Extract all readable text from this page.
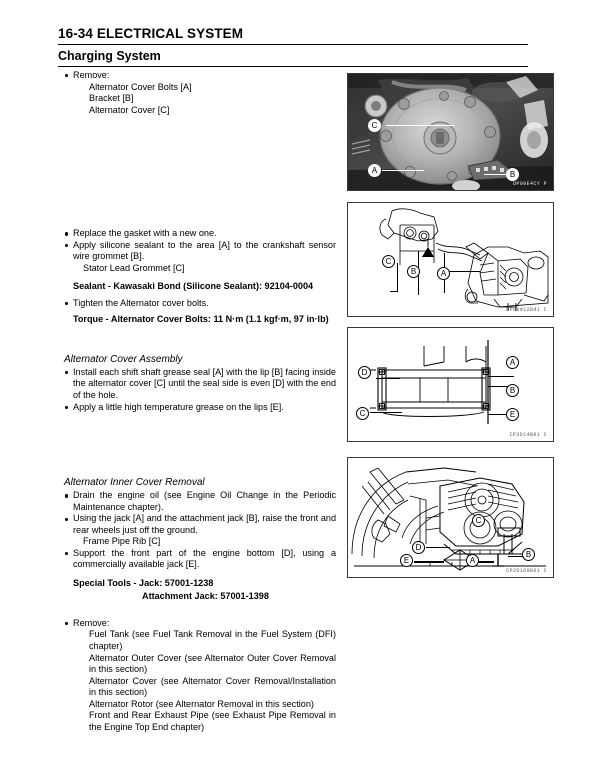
16-34 ELECTRICAL SYSTEM
Charging System
Remove:
Alternator Cover Bolts [A]
Bracket [B]
Alternator Cover [C]
Replace the gasket with a new one.
Apply silicone sealant to the area [A] to the crankshaft sensor wire grommet [B].
Stator Lead Grommet [C]
Sealant - Kawasaki Bond (Silicone Sealant): 92104-0004
Tighten the Alternator cover bolts.
Torque - Alternator Cover Bolts: 11 N·m (1.1 kgf·m, 97 in·lb)
Alternator Cover Assembly
Install each shift shaft grease seal [A] with the lip [B] facing inside the alternator cover [C] until the seal side is even [D] with the end of the hole.
Apply a little high temperature grease on the lips [E].
Alternator Inner Cover Removal
Drain the engine oil (see Engine Oil Change in the Periodic Maintenance chapter).
Using the jack [A] and the attachment jack [B], raise the front and rear wheels just off the ground.
Frame Pipe Rib [C]
Support the front part of the engine bottom [D], using a commercially available jack [E].
Special Tools - Jack: 57001-1238
Attachment Jack: 57001-1398
Remove:
Fuel Tank (see Fuel Tank Removal in the Fuel System (DFI) chapter)
Alternator Outer Cover (see Alternator Outer Cover Removal in this section)
Alternator Cover (see Alternator Cover Removal/Installation in this section)
Alternator Rotor (see Alternator Removal in this section)
Front and Rear Exhaust Pipe (see Exhaust Pipe Removal in the Engine Top End chapter)
C
A	B
DP00E4CY P
C
B	A
DPdkd12Bd1 C
D
C
A
B
E
CP3D14B91 C
D
E	A
B
C
CP2D1D9B61 C
